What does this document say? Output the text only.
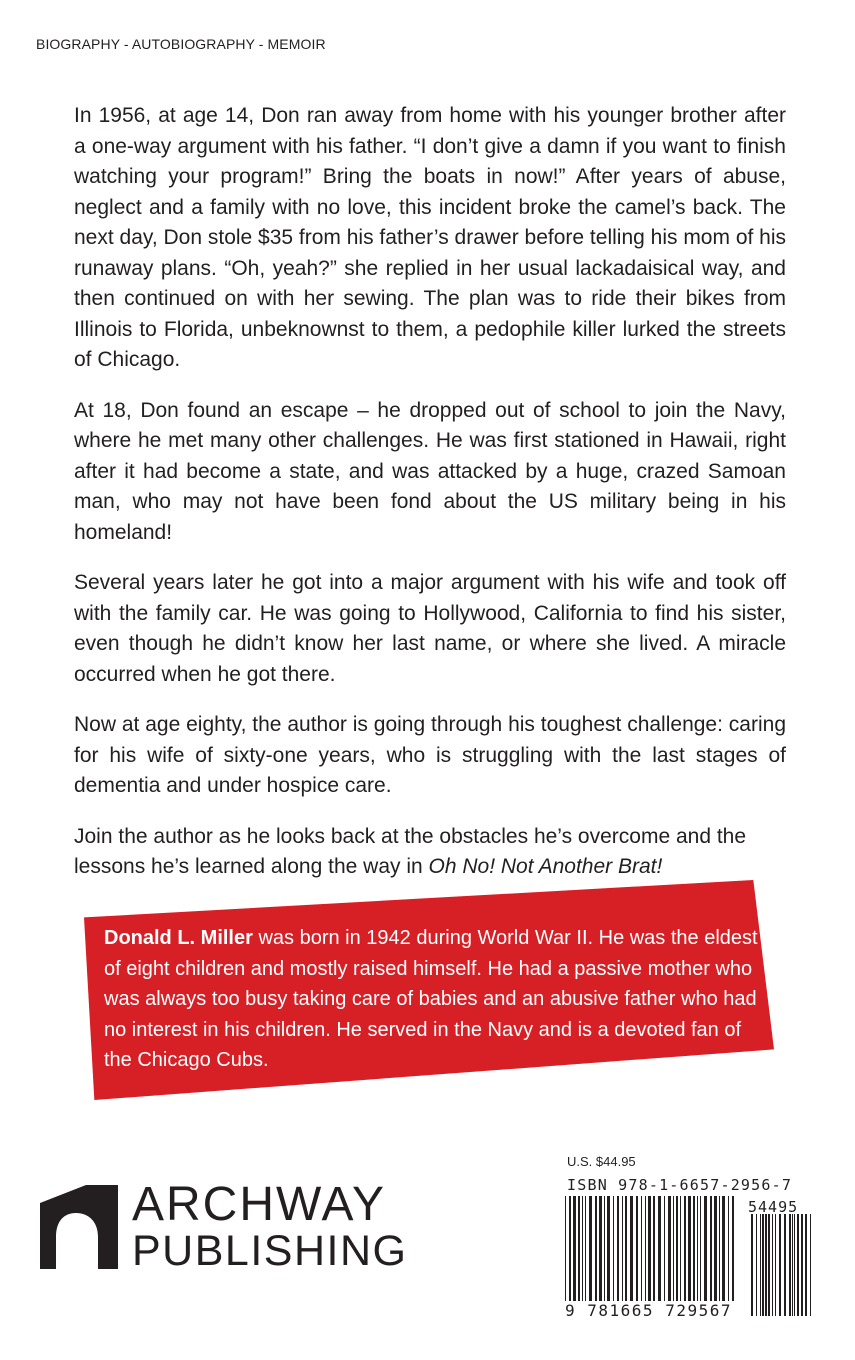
BIOGRAPHY - AUTOBIOGRAPHY - MEMOIR

In 1956, at age 14, Don ran away from home with his younger brother after a one-way argument with his father. “I don’t give a damn if you want to finish watching your program!” Bring the boats in now!” After years of abuse, neglect and a family with no love, this incident broke the camel’s back. The next day, Don stole $35 from his father’s drawer before telling his mom of his runaway plans. “Oh, yeah?” she replied in her usual lackadaisical way, and then continued on with her sewing. The plan was to ride their bikes from Illinois to Florida, unbeknownst to them, a pedophile killer lurked the streets of Chicago.

At 18, Don found an escape – he dropped out of school to join the Navy, where he met many other challenges. He was first stationed in Hawaii, right after it had become a state, and was attacked by a huge, crazed Samoan man, who may not have been fond about the US military being in his homeland!

Several years later he got into a major argument with his wife and took off with the family car. He was going to Hollywood, California to find his sister, even though he didn’t know her last name, or where she lived. A miracle occurred when he got there.

Now at age eighty, the author is going through his toughest challenge: caring for his wife of sixty-one years, who is struggling with the last stages of dementia and under hospice care.

Join the author as he looks back at the obstacles he’s overcome and the lessons he’s learned along the way in Oh No! Not Another Brat!

Donald L. Miller was born in 1942 during World War II. He was the eldest of eight children and mostly raised himself. He had a passive mother who was always too busy taking care of babies and an abusive father who had no interest in his children. He served in the Navy and is a devoted fan of the Chicago Cubs.
ARCHWAY
PUBLISHING
U.S. $44.95
ISBN 978-1-6657-2956-7
54495
9 781665 729567
